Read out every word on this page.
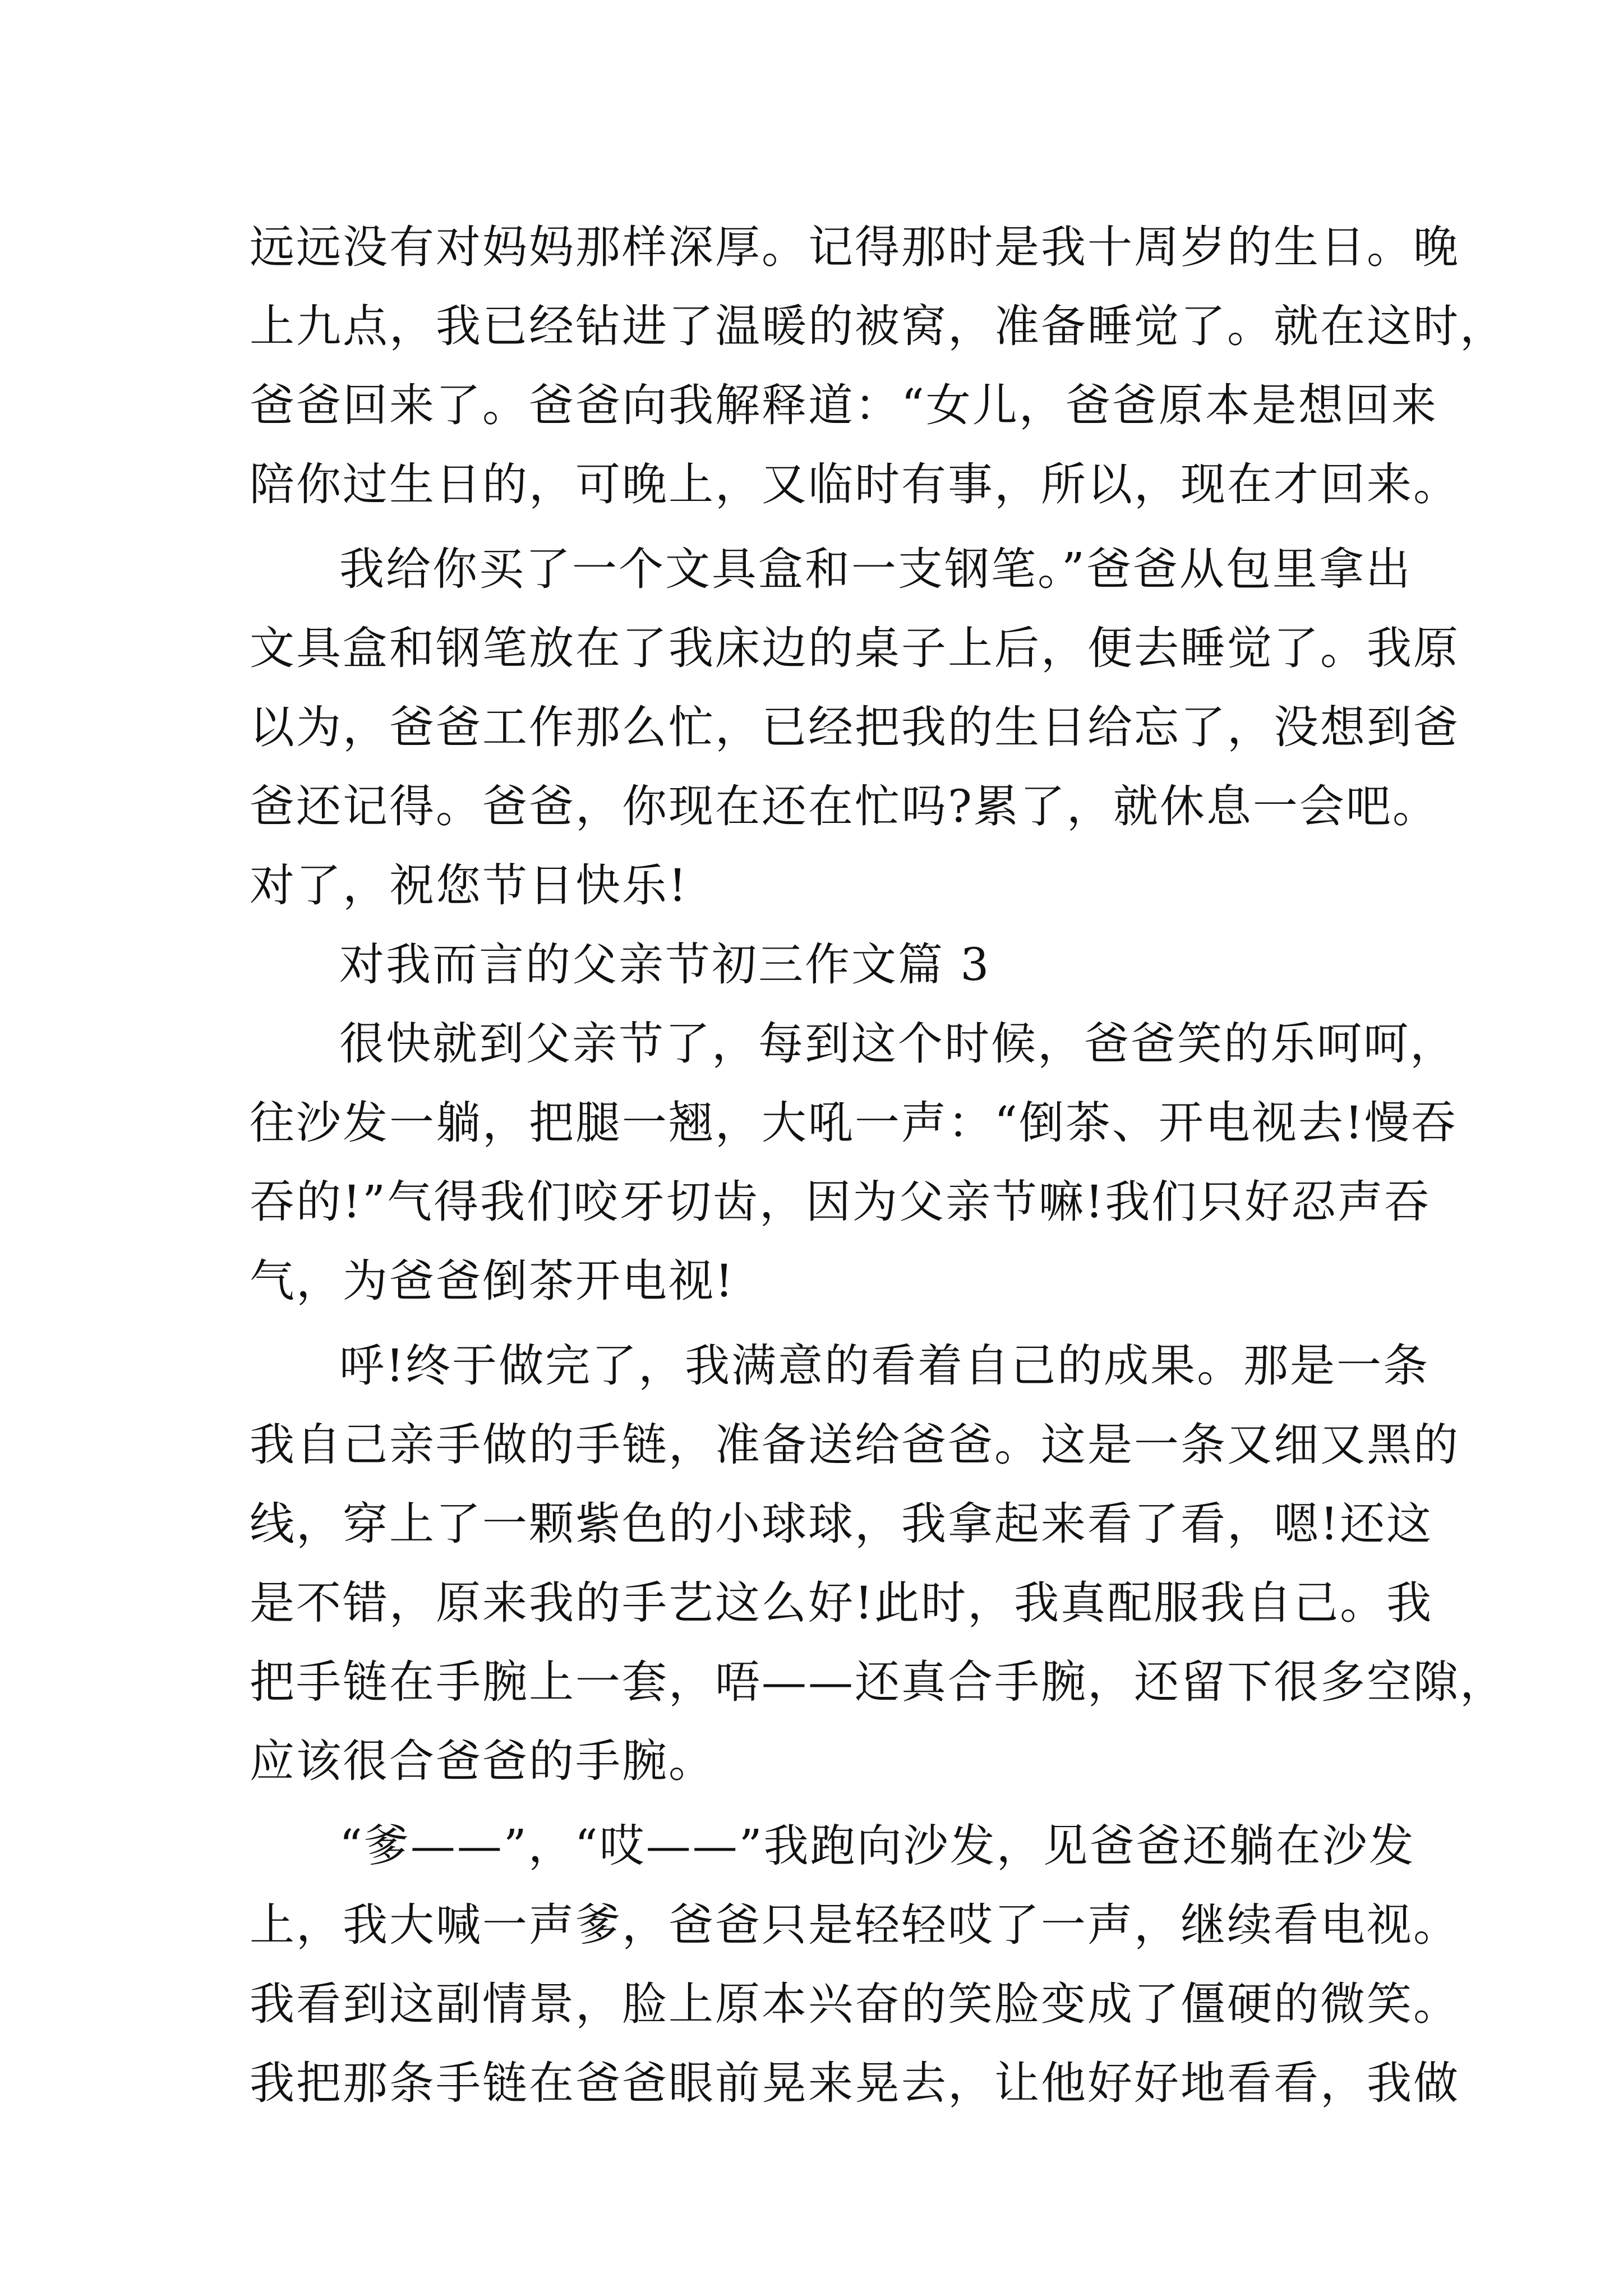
远远没有对妈妈那样深厚。记得那时是我十周岁的生日。晚
上九点，我已经钻进了温暖的被窝，准备睡觉了。就在这时，
爸爸回来了。爸爸向我解释道：“女儿，爸爸原本是想回来
陪你过生日的，可晚上，又临时有事，所以，现在才回来。
我给你买了一个文具盒和一支钢笔。”爸爸从包里拿出
文具盒和钢笔放在了我床边的桌子上后，便去睡觉了。我原
以为，爸爸工作那么忙，已经把我的生日给忘了，没想到爸
爸还记得。爸爸，你现在还在忙吗?累了，就休息一会吧。
对了，祝您节日快乐!
对我而言的父亲节初三作文篇 3
很快就到父亲节了，每到这个时候，爸爸笑的乐呵呵，
往沙发一躺，把腿一翘，大吼一声：“倒茶、开电视去!慢吞
吞的!”气得我们咬牙切齿，因为父亲节嘛!我们只好忍声吞
气，为爸爸倒茶开电视!
呼!终于做完了，我满意的看着自己的成果。那是一条
我自己亲手做的手链，准备送给爸爸。这是一条又细又黑的
线，穿上了一颗紫色的小球球，我拿起来看了看，嗯!还这
是不错，原来我的手艺这么好!此时，我真配服我自己。我
把手链在手腕上一套，唔——还真合手腕，还留下很多空隙，
应该很合爸爸的手腕。
“爹——”，“哎——”我跑向沙发，见爸爸还躺在沙发
上，我大喊一声爹，爸爸只是轻轻哎了一声，继续看电视。
我看到这副情景，脸上原本兴奋的笑脸变成了僵硬的微笑。
我把那条手链在爸爸眼前晃来晃去，让他好好地看看，我做
